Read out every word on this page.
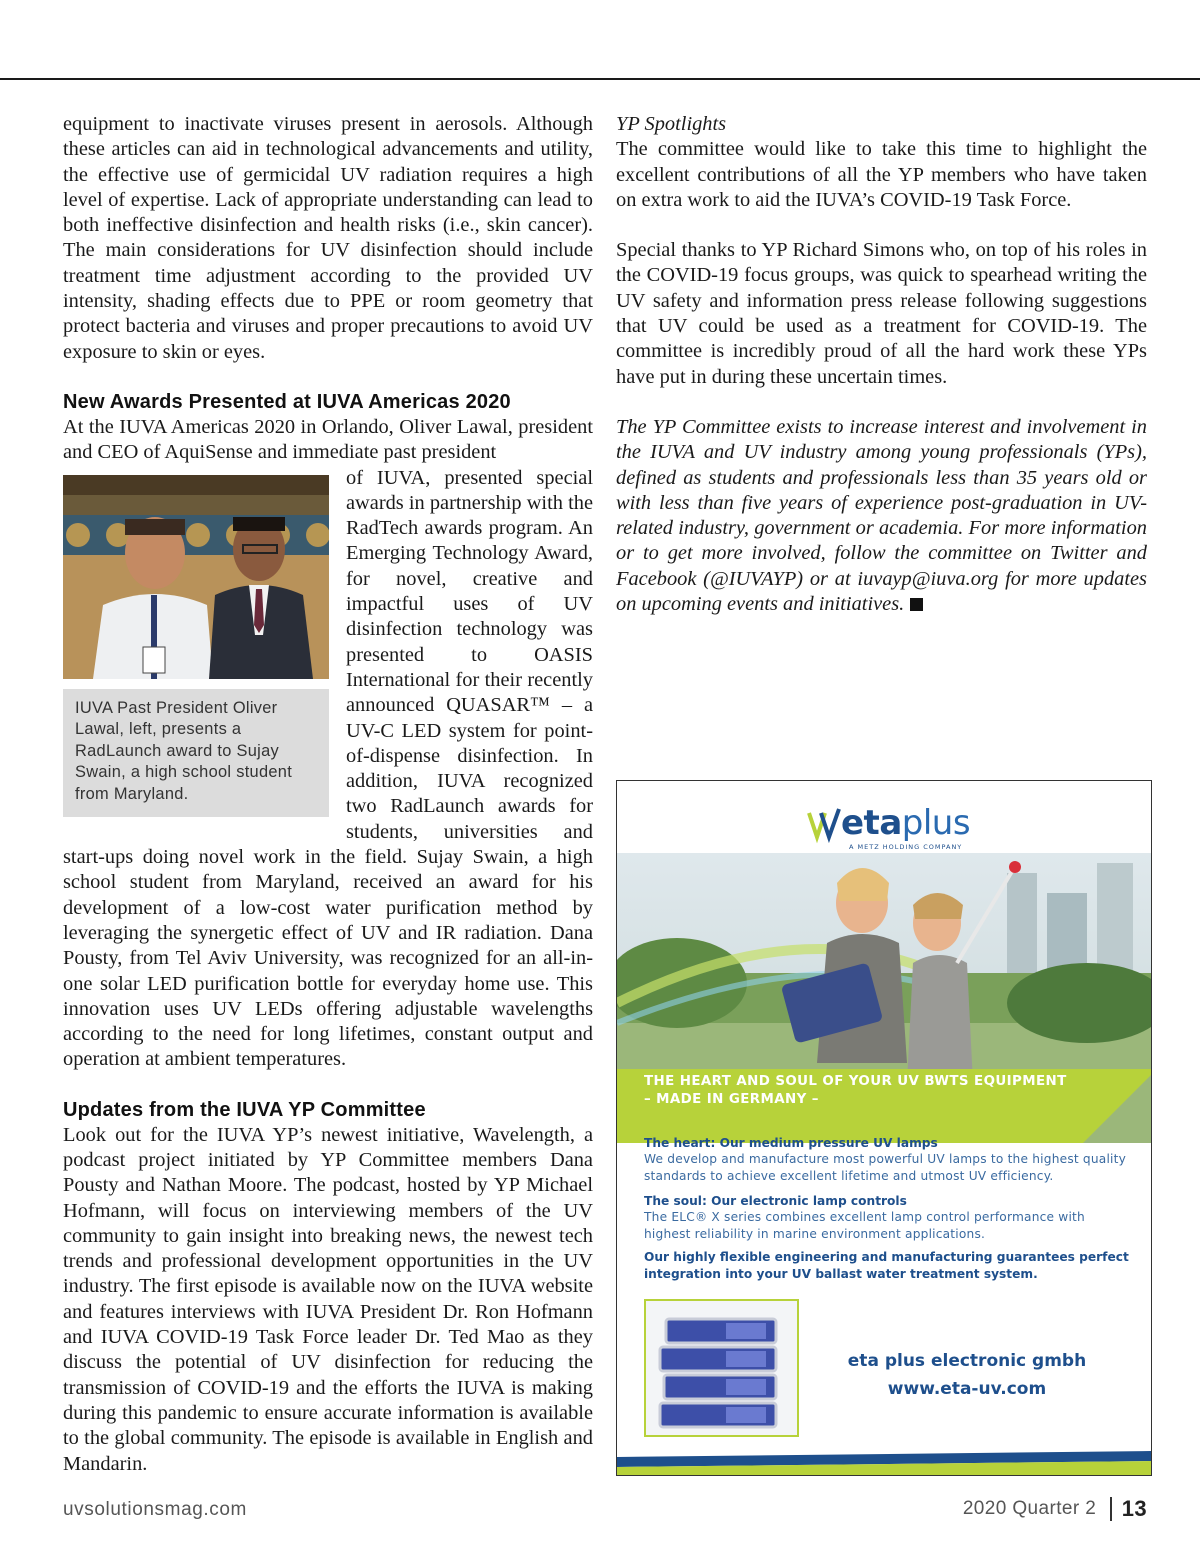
equipment to inactivate viruses present in aerosols. Although these articles can aid in technological advancements and utility, the effective use of germicidal UV radiation requires a high level of expertise. Lack of appropriate understanding can lead to both ineffective disinfection and health risks (i.e., skin cancer). The main considerations for UV disinfection should include treatment time adjustment according to the provided UV intensity, shading effects due to PPE or room geometry that protect bacteria and viruses and proper precautions to avoid UV exposure to skin or eyes.

New Awards Presented at IUVA Americas 2020

At the IUVA Americas 2020 in Orlando, Oliver Lawal, president and CEO of AquiSense and immediate past president

IUVA Past President Oliver Lawal, left, presents a RadLaunch award to Sujay Swain, a high school student from Maryland.

of IUVA, presented special awards in partnership with the RadTech awards program. An Emerging Technology Award, for novel, creative and impactful uses of UV disinfection technology was presented to OASIS International for their recently announced QUASAR™ – a UV-C LED system for point-of-dispense disinfection. In addition, IUVA recognized two RadLaunch awards for students, universities and start-ups doing novel work in the field. Sujay Swain, a high school student from Maryland, received an award for his development of a low-cost water purification method by leveraging the synergetic effect of UV and IR radiation. Dana Pousty, from Tel Aviv University, was recognized for an all-in-one solar LED purification bottle for everyday home use. This innovation uses UV LEDs offering adjustable wavelengths according to the need for long lifetimes, constant output and operation at ambient temperatures.

Updates from the IUVA YP Committee

Look out for the IUVA YP’s newest initiative, Wavelength, a podcast project initiated by YP Committee members Dana Pousty and Nathan Moore. The podcast, hosted by YP Michael Hofmann, will focus on interviewing members of the UV community to gain insight into breaking news, the newest tech trends and professional development opportunities in the UV industry. The first episode is available now on the IUVA website and features interviews with IUVA President Dr. Ron Hofmann and IUVA COVID-19 Task Force leader Dr. Ted Mao as they discuss the potential of UV disinfection for reducing the transmission of COVID-19 and the efforts the IUVA is making during this pandemic to ensure accurate information is available to the global community. The episode is available in English and Mandarin.

YP Spotlights

The committee would like to take this time to highlight the excellent contributions of all the YP members who have taken on extra work to aid the IUVA’s COVID-19 Task Force.

Special thanks to YP Richard Simons who, on top of his roles in the COVID-19 focus groups, was quick to spearhead writing the UV safety and information press release following suggestions that UV could be used as a treatment for COVID-19. The committee is incredibly proud of all the hard work these YPs have put in during these uncertain times.

The YP Committee exists to increase interest and involvement in the IUVA and UV industry among young professionals (YPs), defined as students and professionals less than 35 years old or with less than five years of experience post-graduation in UV-related industry, government or academia. For more information or to get more involved, follow the committee on Twitter and Facebook (@IUVAYP) or at iuvayp@iuva.org for more updates on upcoming events and initiatives.

etaplus
A METZ HOLDING COMPANY
THE HEART AND SOUL OF YOUR UV BWTS EQUIPMENT
– MADE IN GERMANY –
The heart: Our medium pressure UV lamps
We develop and manufacture most powerful UV lamps to the highest quality standards to achieve excellent lifetime and utmost UV efficiency.
The soul: Our electronic lamp controls
The ELC® X series combines excellent lamp control performance with highest reliability in marine environment applications.
Our highly flexible engineering and manufacturing guarantees perfect integration into your UV ballast water treatment system.
eta plus electronic gmbh
www.eta-uv.com
uvsolutionsmag.com	2020 Quarter 2 13
